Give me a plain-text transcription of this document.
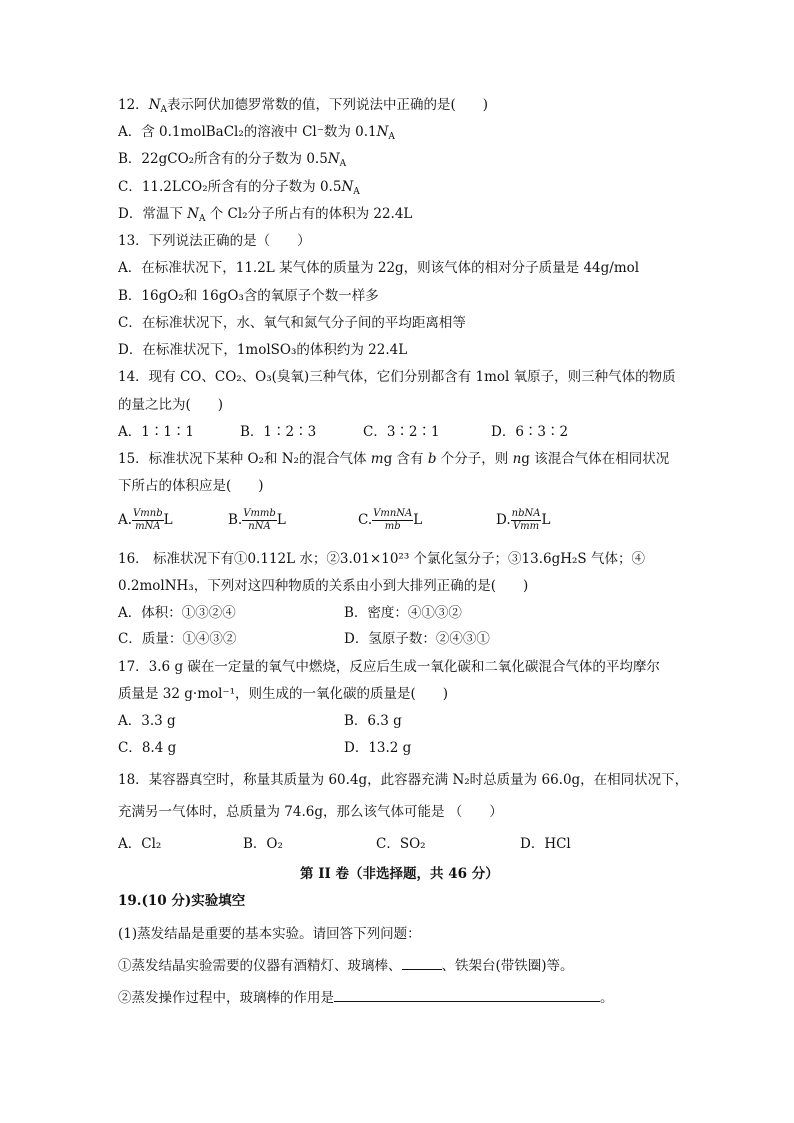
12．$N_A$表示阿伏加德罗常数的值，下列说法中正确的是(　　)
A．含 0.1molBaCl₂的溶液中 Cl⁻数为 $0.1N_A$
B．22gCO₂所含有的分子数为 $0.5N_A$
C．11.2LCO₂所含有的分子数为 $0.5N_A$
D．常温下 $N_A$ 个 Cl₂分子所占有的体积为 22.4L
13．下列说法正确的是（　　）
A．在标准状况下，11.2L 某气体的质量为 22g，则该气体的相对分子质量是 44g/mol
B．16gO₂和 16gO₃含的氧原子个数一样多
C．在标准状况下，水、氧气和氮气分子间的平均距离相等
D．在标准状况下，1molSO₃的体积约为 22.4L
14．现有 CO、CO₂、O₃(臭氧)三种气体，它们分别都含有 1mol 氧原子，则三种气体的物质
的量之比为(　　)
A．1∶1∶1	B．1∶2∶3	C．3∶2∶1	D．6∶3∶2
15．标准状况下某种 O₂和 N₂的混合气体 mg 含有 b 个分子，则 ng 该混合气体在相同状况
下所占的体积应是(　　)
A. $\frac{\text{Vmnb}}{\text{mNA}}$ L	B. $\frac{\text{Vmmb}}{\text{nNA}}$ L	C. $\frac{\text{VmnNA}}{mb}$ L	D. $\frac{\text{nbNA}}{\text{Vmm}}$ L
16． 标准状况下有①0.112L 水；②3.01×10²³ 个氯化氢分子；③13.6gH₂S 气体；④
0.2molNH₃，下列对这四种物质的关系由小到大排列正确的是(　　)
A．体积：①③②④	B．密度：④①③②
C．质量：①④③②	D．氢原子数：②④③①
17．3.6 g 碳在一定量的氧气中燃烧，反应后生成一氧化碳和二氧化碳混合气体的平均摩尔
质量是 32 g·mol⁻¹，则生成的一氧化碳的质量是(　　)
A．3.3 g	B．6.3 g
C．8.4 g	D．13.2 g
18．某容器真空时，称量其质量为 60.4g，此容器充满 N₂时总质量为 66.0g，在相同状况下，
充满另一气体时，总质量为 74.6g，那么该气体可能是 （　　）
A．Cl₂	B．O₂	C．SO₂	D．HCl
第 II 卷（非选择题，共 46 分）
19.(10 分)实验填空
(1)蒸发结晶是重要的基本实验。请回答下列问题：
①蒸发结晶实验需要的仪器有酒精灯、玻璃棒、	、铁架台(带铁圈)等。
②蒸发操作过程中，玻璃棒的作用是	。
